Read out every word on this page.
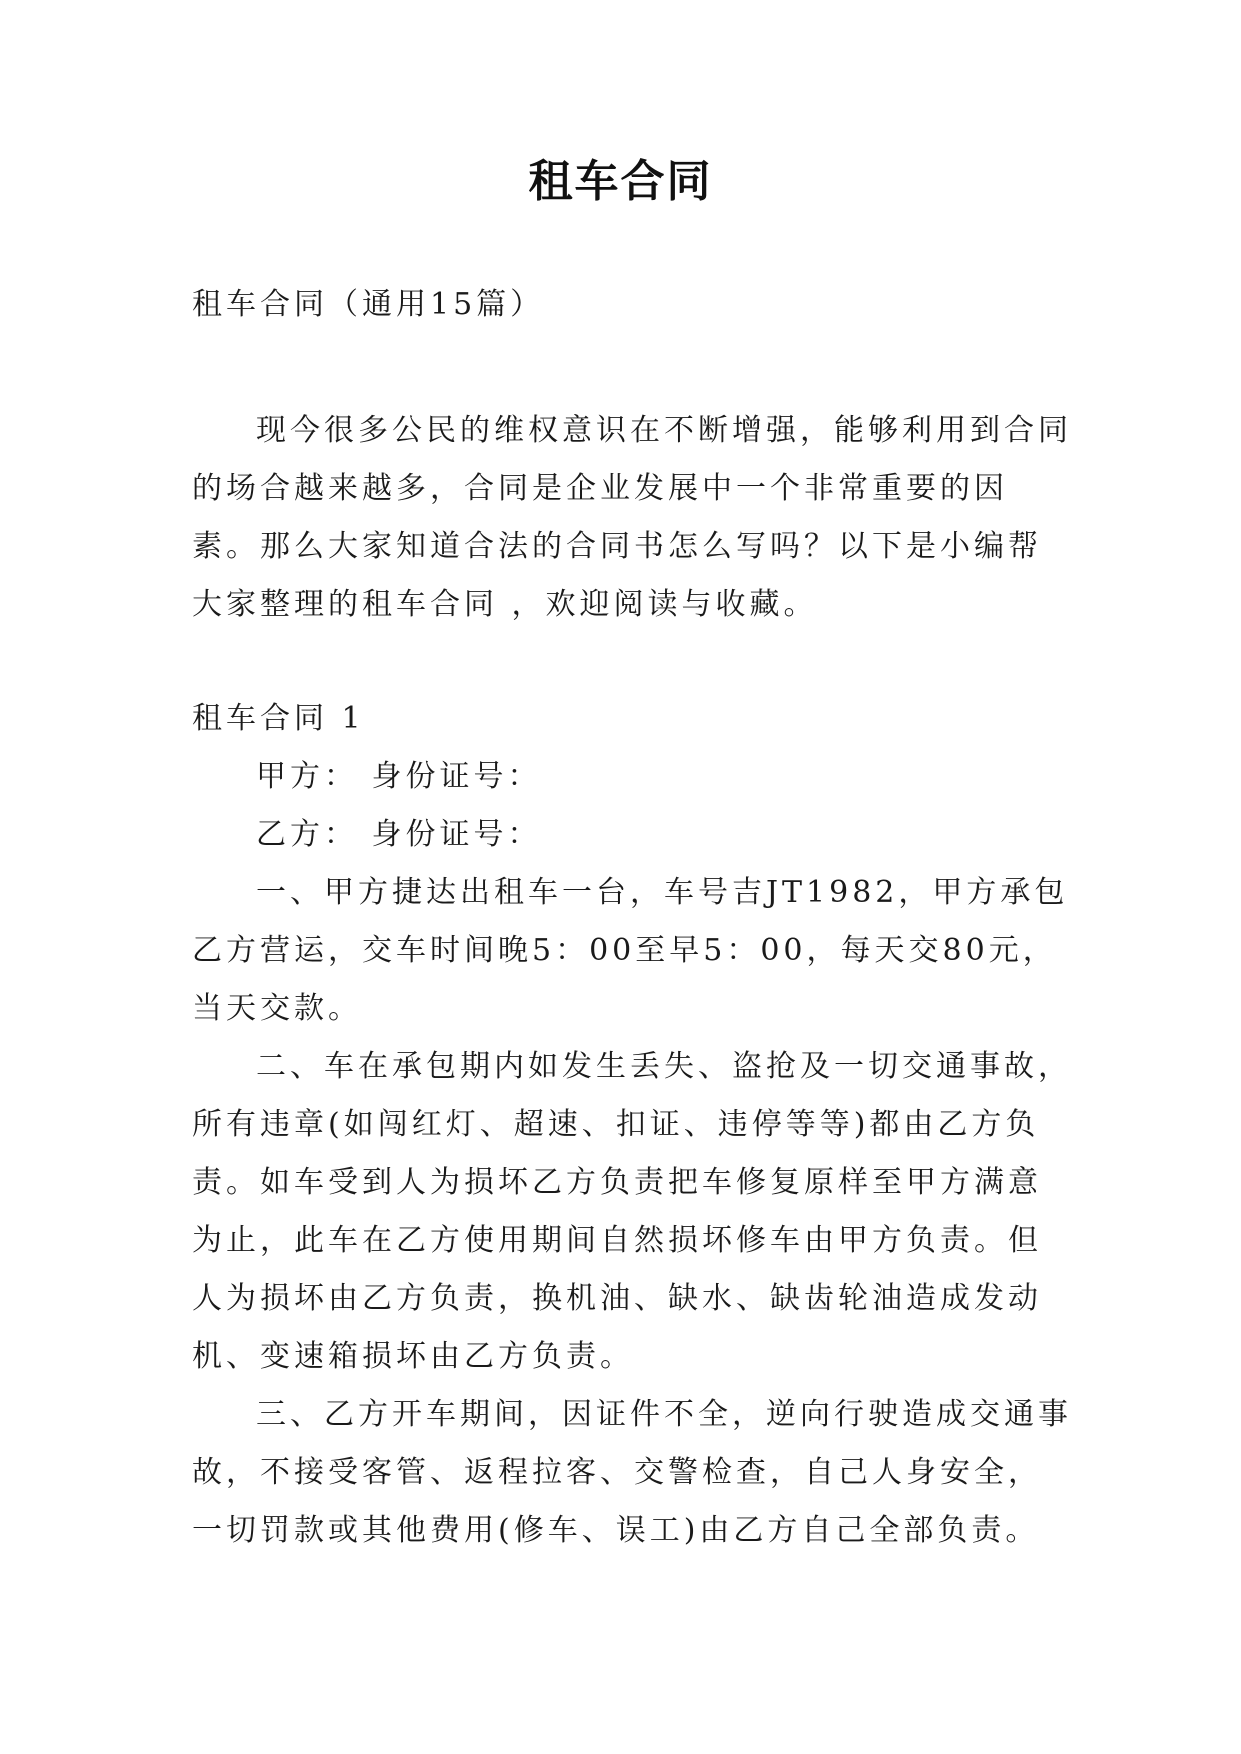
租车合同

租车合同（通用15篇）

现今很多公民的维权意识在不断增强，能够利用到合同的场合越来越多，合同是企业发展中一个非常重要的因素。那么大家知道合法的合同书怎么写吗？以下是小编帮大家整理的租车合同 ，欢迎阅读与收藏。

租车合同 1

甲方： 身份证号：

乙方： 身份证号：

一、甲方捷达出租车一台，车号吉JT1982，甲方承包乙方营运，交车时间晚5：00至早5：00，每天交80元，当天交款。

二、车在承包期内如发生丢失、盗抢及一切交通事故，所有违章(如闯红灯、超速、扣证、违停等等)都由乙方负责。如车受到人为损坏乙方负责把车修复原样至甲方满意为止，此车在乙方使用期间自然损坏修车由甲方负责。但人为损坏由乙方负责，换机油、缺水、缺齿轮油造成发动机、变速箱损坏由乙方负责。

三、乙方开车期间，因证件不全，逆向行驶造成交通事故，不接受客管、返程拉客、交警检查，自己人身安全，一切罚款或其他费用(修车、误工)由乙方自己全部负责。
